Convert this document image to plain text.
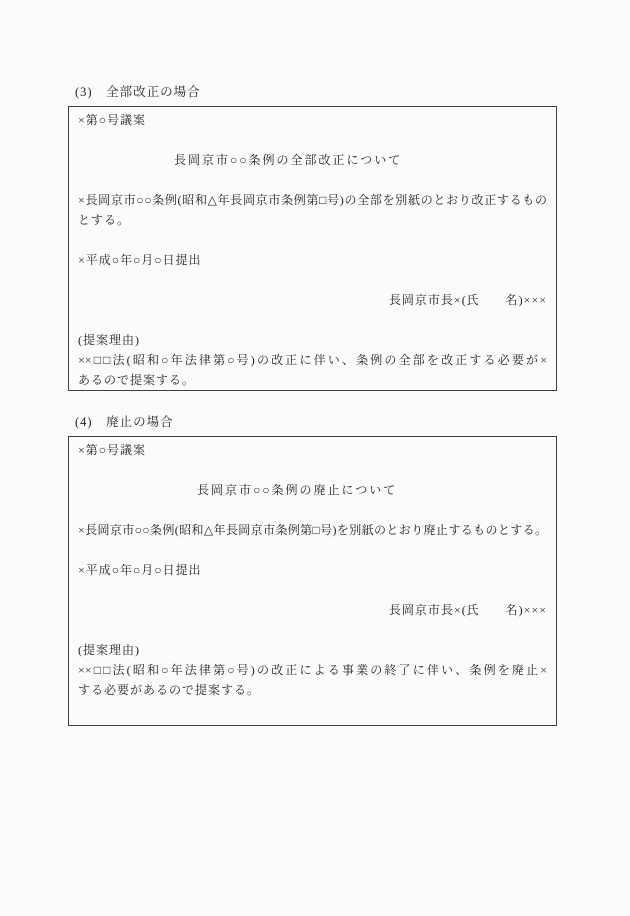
(3)　全部改正の場合
×第○号議案
長岡京市○○条例の全部改正について
×長岡京市○○条例(昭和△年長岡京市条例第□号)の全部を別紙のとおり改正するもの
とする。
×平成○年○月○日提出
長岡京市長×(氏　　名)×××
(提案理由)
××□□法(昭和○年法律第○号)の改正に伴い、条例の全部を改正する必要が×
あるので提案する。
(4)　廃止の場合
×第○号議案
長岡京市○○条例の廃止について
×長岡京市○○条例(昭和△年長岡京市条例第□号)を別紙のとおり廃止するものとする。
×平成○年○月○日提出
長岡京市長×(氏　　名)×××
(提案理由)
××□□法(昭和○年法律第○号)の改正による事業の終了に伴い、条例を廃止×
する必要があるので提案する。
